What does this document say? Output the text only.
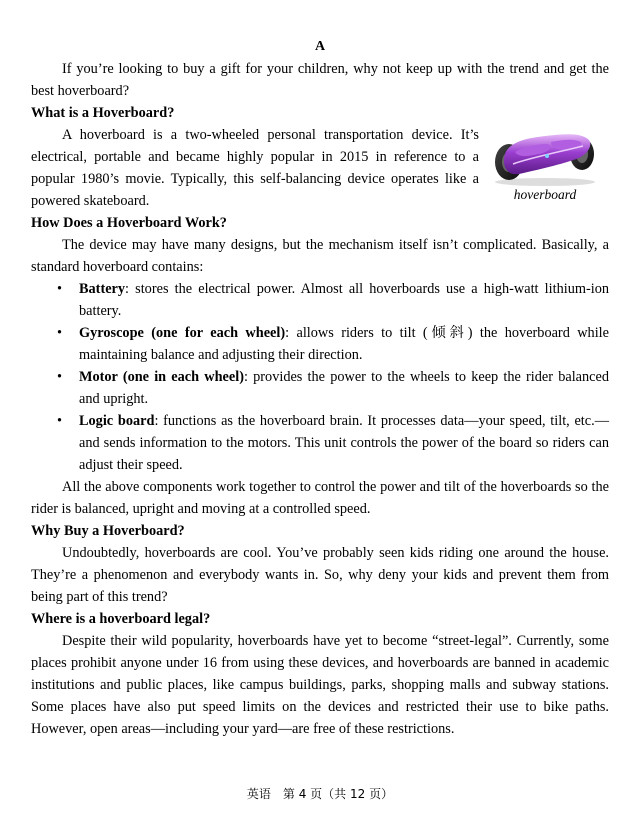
A

If you’re looking to buy a gift for your children, why not keep up with the trend and get the best hoverboard?

What is a Hoverboard?

A hoverboard is a two-wheeled personal transportation device. It’s electrical, portable and became highly popular in 2015 in reference to a popular 1980’s movie. Typically, this self-balancing device operates like a powered skateboard.	hoverboard
How Does a Hoverboard Work?

The device may have many designs, but the mechanism itself isn’t complicated. Basically, a standard hoverboard contains:

• Battery: stores the electrical power. Almost all hoverboards use a high-watt lithium-ion battery.
• Gyroscope (one for each wheel): allows riders to tilt (倾斜) the hoverboard while maintaining balance and adjusting their direction.
• Motor (one in each wheel): provides the power to the wheels to keep the rider balanced and upright.
• Logic board: functions as the hoverboard brain. It processes data—your speed, tilt, etc.—and sends information to the motors. This unit controls the power of the board so riders can adjust their speed.

All the above components work together to control the power and tilt of the hoverboards so the rider is balanced, upright and moving at a controlled speed.

Why Buy a Hoverboard?

Undoubtedly, hoverboards are cool. You’ve probably seen kids riding one around the house. They’re a phenomenon and everybody wants in. So, why deny your kids and prevent them from being part of this trend?

Where is a hoverboard legal?

Despite their wild popularity, hoverboards have yet to become “street-legal”. Currently, some places prohibit anyone under 16 from using these devices, and hoverboards are banned in academic institutions and public places, like campus buildings, parks, shopping malls and subway stations. Some places have also put speed limits on the devices and restricted their use to bike paths. However, open areas—including your yard—are free of these restrictions.

英语　第 4 页（共 12 页）
